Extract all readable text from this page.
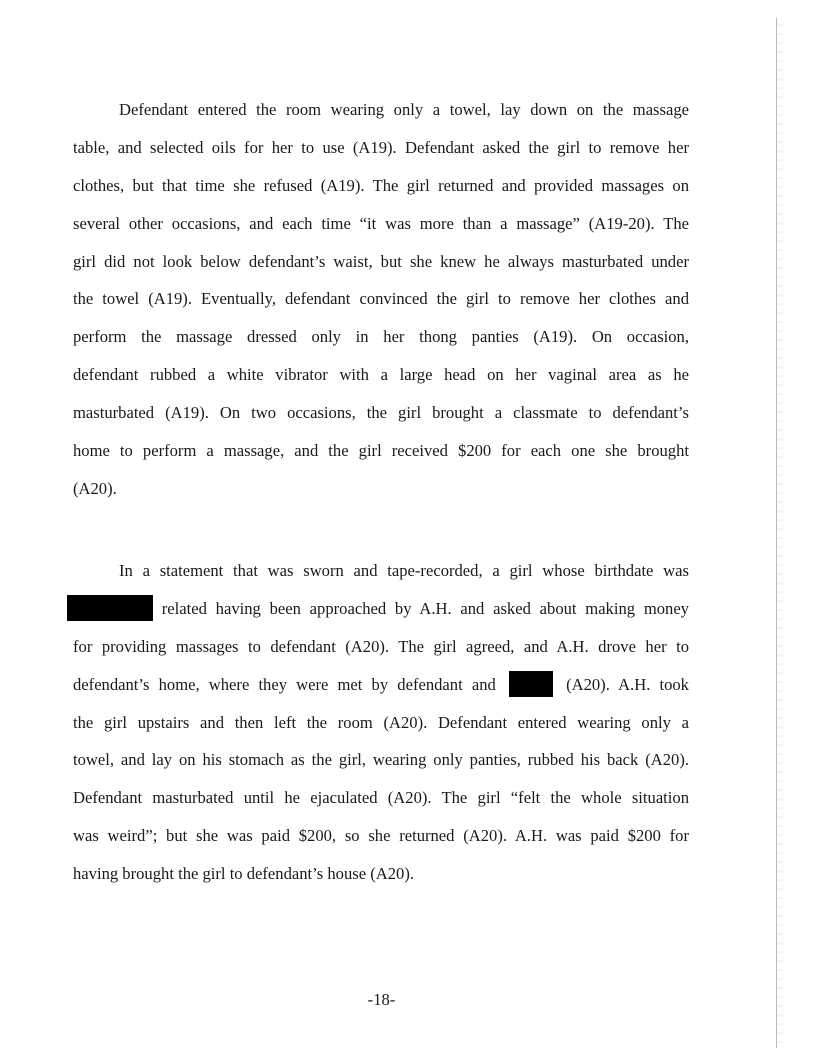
Defendant entered the room wearing only a towel, lay down on the massage
table, and selected oils for her to use (A19). Defendant asked the girl to remove her
clothes, but that time she refused (A19). The girl returned and provided massages on
several other occasions, and each time “it was more than a massage” (A19-20). The
girl did not look below defendant’s waist, but she knew he always masturbated under
the towel (A19). Eventually, defendant convinced the girl to remove her clothes and
perform the massage dressed only in her thong panties (A19). On occasion,
defendant rubbed a white vibrator with a large head on her vaginal area as he
masturbated (A19). On two occasions, the girl brought a classmate to defendant’s
home to perform a massage, and the girl received $200 for each one she brought
(A20).
In a statement that was sworn and tape-recorded, a girl whose birthdate was
related having been approached by A.H. and asked about making money
for providing massages to defendant (A20). The girl agreed, and A.H. drove her to
defendant’s home, where they were met by defendant and	(A20). A.H. took
the girl upstairs and then left the room (A20). Defendant entered wearing only a
towel, and lay on his stomach as the girl, wearing only panties, rubbed his back (A20).
Defendant masturbated until he ejaculated (A20). The girl “felt the whole situation
was weird”; but she was paid $200, so she returned (A20). A.H. was paid $200 for
having brought the girl to defendant’s house (A20).
-18-
